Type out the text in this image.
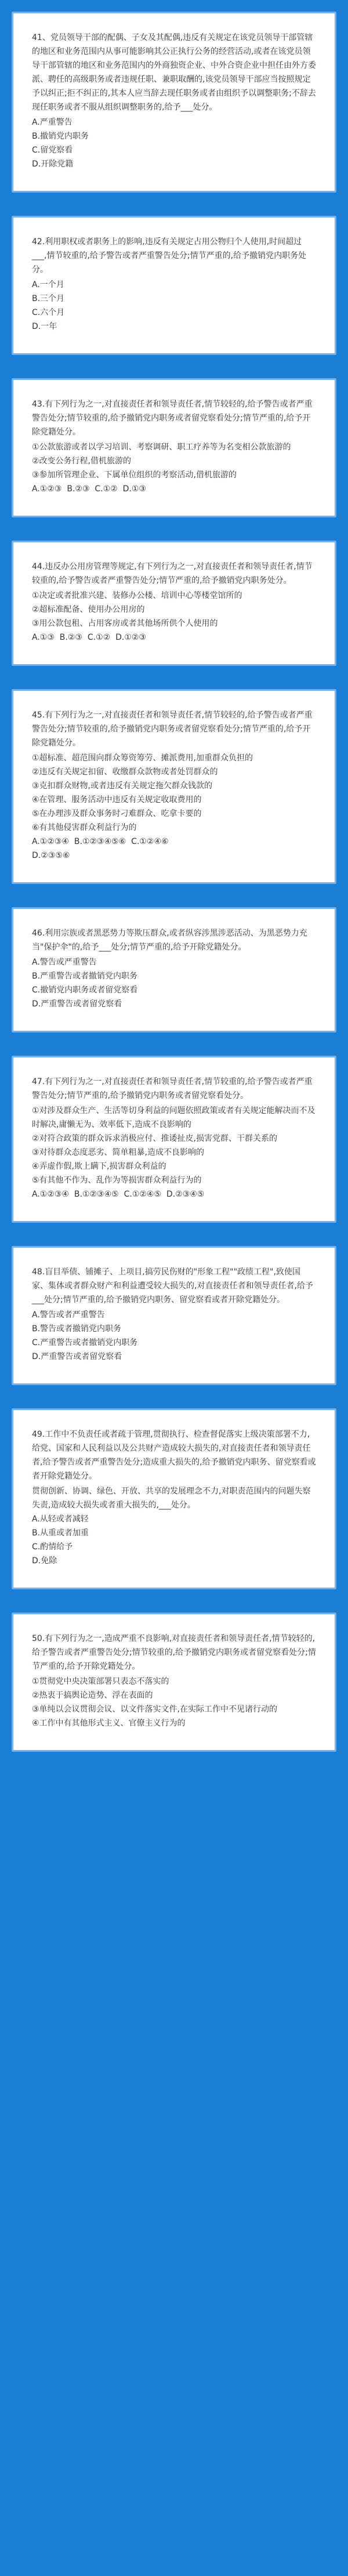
41、党员领导干部的配偶、子女及其配偶,违反有关规定在该党员领导干部管辖的地区和业务范围内从事可能影响其公正执行公务的经营活动,或者在该党员领导干部管辖的地区和业务范围内的外商独资企业、中外合资企业中担任由外方委派、聘任的高级职务或者违规任职、兼职取酬的,该党员领导干部应当按照规定予以纠正;拒不纠正的,其本人应当辞去现任职务或者由组织予以调整职务;不辞去现任职务或者不服从组织调整职务的,给予___处分。

A.严重警告

B.撤销党内职务

C.留党察看

D.开除党籍

42.利用职权或者职务上的影响,违反有关规定占用公物归个人使用,时间超过___,情节较重的,给予警告或者严重警告处分;情节严重的,给予撤销党内职务处分。

A.一个月

B.三个月

C.六个月

D.一年

43.有下列行为之一,对直接责任者和领导责任者,情节较轻的,给予警告或者严重警告处分;情节较重的,给予撤销党内职务或者留党察看处分;情节严重的,给予开除党籍处分。

①公款旅游或者以学习培训、考察调研、职工疗养等为名变相公款旅游的

②改变公务行程,借机旅游的

③参加所管理企业、下属单位组织的考察活动,借机旅游的

A.①②③  B.②③  C.①②  D.①③

44.违反办公用房管理等规定,有下列行为之一,对直接责任者和领导责任者,情节较重的,给予警告或者严重警告处分;情节严重的,给予撤销党内职务处分。

①决定或者批准兴建、装修办公楼、培训中心等楼堂馆所的

②超标准配备、使用办公用房的

③用公款包租、占用客房或者其他场所供个人使用的

A.①③  B.②③  C.①②  D.①②③

45.有下列行为之一,对直接责任者和领导责任者,情节较轻的,给予警告或者严重警告处分;情节较重的,给予撤销党内职务或者留党察看处分;情节严重的,给予开除党籍处分。

①超标准、超范围向群众筹资筹劳、摊派费用,加重群众负担的

②违反有关规定扣留、收缴群众款物或者处罚群众的

③克扣群众财物,或者违反有关规定拖欠群众钱款的

④在管理、服务活动中违反有关规定收取费用的

⑤在办理涉及群众事务时刁难群众、吃拿卡要的

⑥有其他侵害群众利益行为的

A.①②③④  B.①②③④⑤⑥  C.①②④⑥

D.②③⑤⑥

46.利用宗族或者黑恶势力等欺压群众,或者纵容涉黑涉恶活动、为黑恶势力充当"保护伞"的,给予___处分;情节严重的,给予开除党籍处分。

A.警告或严重警告

B.严重警告或者撤销党内职务

C.撤销党内职务或者留党察看

D.严重警告或者留党察看

47.有下列行为之一,对直接责任者和领导责任者,情节较重的,给予警告或者严重警告处分;情节严重的,给予撤销党内职务或者留党察看处分。

①对涉及群众生产、生活等切身利益的问题依照政策或者有关规定能解决而不及时解决,庸懒无为、效率低下,造成不良影响的

②对符合政策的群众诉求消极应付、推诿扯皮,损害党群、干群关系的

③对待群众态度恶劣、简单粗暴,造成不良影响的

④弄虚作假,欺上瞒下,损害群众利益的

⑤有其他不作为、乱作为等损害群众利益行为的

A.①②③④  B.①②③④⑤  C.①②④⑤  D.②③④⑤

48.盲目举债、铺摊子、上项目,搞劳民伤财的"形象工程""政绩工程",致使国家、集体或者群众财产和利益遭受较大损失的,对直接责任者和领导责任者,给予___处分;情节严重的,给予撤销党内职务、留党察看或者开除党籍处分。

A.警告或者严重警告

B.警告或者撤销党内职务

C.严重警告或者撤销党内职务

D.严重警告或者留党察看

49.工作中不负责任或者疏于管理,贯彻执行、检查督促落实上级决策部署不力,给党、国家和人民利益以及公共财产造成较大损失的,对直接责任者和领导责任者,给予警告或者严重警告处分;造成重大损失的,给予撤销党内职务、留党察看或者开除党籍处分。

贯彻创新、协调、绿色、开放、共享的发展理念不力,对职责范围内的问题失察失责,造成较大损失或者重大损失的,___处分。

A.从轻或者减轻

B.从重或者加重

C.酌情给予

D.免除

50.有下列行为之一,造成严重不良影响,对直接责任者和领导责任者,情节较轻的,给予警告或者严重警告处分;情节较重的,给予撤销党内职务或者留党察看处分;情节严重的,给予开除党籍处分。

①贯彻党中央决策部署只表态不落实的

②热衷于搞舆论造势、浮在表面的

③单纯以会议贯彻会议、以文件落实文件,在实际工作中不见诸行动的

④工作中有其他形式主义、官僚主义行为的
